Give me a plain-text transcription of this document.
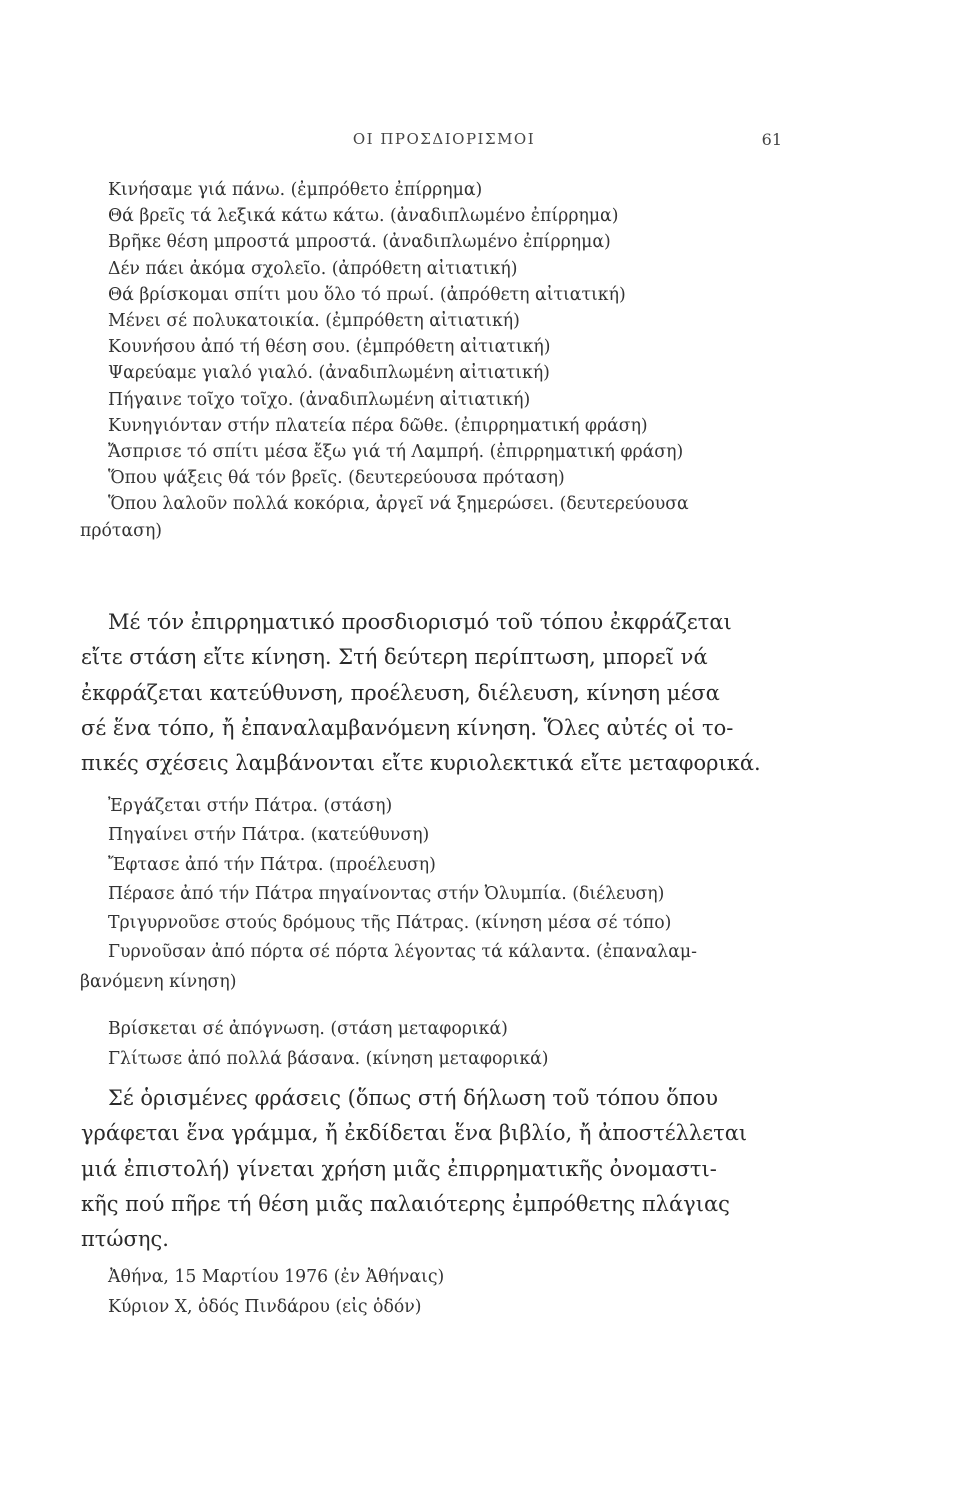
ΟΙ ΠΡΟΣΔΙΟΡΙΣΜΟΙ	61
Κινήσαμε γιά πάνω. (ἐμπρόθετο ἐπίρρημα)
Θά βρεῖς τά λεξικά κάτω κάτω. (ἀναδιπλωμένο ἐπίρρημα)
Βρῆκε θέση μπροστά μπροστά. (ἀναδιπλωμένο ἐπίρρημα)
Δέν πάει ἀκόμα σχολεῖο. (ἀπρόθετη αἰτιατική)
Θά βρίσκομαι σπίτι μου ὅλο τό πρωί. (ἀπρόθετη αἰτιατική)
Μένει σέ πολυκατοικία. (ἐμπρόθετη αἰτιατική)
Κουνήσου ἀπό τή θέση σου. (ἐμπρόθετη αἰτιατική)
Ψαρεύαμε γιαλό γιαλό. (ἀναδιπλωμένη αἰτιατική)
Πήγαινε τοῖχο τοῖχο. (ἀναδιπλωμένη αἰτιατική)
Κυνηγιόνταν στήν πλατεία πέρα δῶθε. (ἐπιρρηματική φράση)
Ἄσπρισε τό σπίτι μέσα ἔξω γιά τή Λαμπρή. (ἐπιρρηματική φράση)
Ὅπου ψάξεις θά τόν βρεῖς. (δευτερεύουσα πρόταση)
Ὅπου λαλοῦν πολλά κοκόρια, ἀργεῖ νά ξημερώσει. (δευτερεύουσα
πρόταση)

Μέ τόν ἐπιρρηματικό προσδιορισμό τοῦ τόπου ἐκφράζεται
εἴτε στάση εἴτε κίνηση. Στή δεύτερη περίπτωση, μπορεῖ νά
ἐκφράζεται κατεύθυνση, προέλευση, διέλευση, κίνηση μέσα
σέ ἕνα τόπο, ἤ ἐπαναλαμβανόμενη κίνηση. Ὅλες αὐτές οἱ το-
πικές σχέσεις λαμβάνονται εἴτε κυριολεκτικά εἴτε μεταφορικά.

Ἐργάζεται στήν Πάτρα. (στάση)
Πηγαίνει στήν Πάτρα. (κατεύθυνση)
Ἔφτασε ἀπό τήν Πάτρα. (προέλευση)
Πέρασε ἀπό τήν Πάτρα πηγαίνοντας στήν Ὀλυμπία. (διέλευση)
Τριγυρνοῦσε στούς δρόμους τῆς Πάτρας. (κίνηση μέσα σέ τόπο)
Γυρνοῦσαν ἀπό πόρτα σέ πόρτα λέγοντας τά κάλαντα. (ἐπαναλαμ-
βανόμενη κίνηση)
Βρίσκεται σέ ἀπόγνωση. (στάση μεταφορικά)
Γλίτωσε ἀπό πολλά βάσανα. (κίνηση μεταφορικά)

Σέ ὁρισμένες φράσεις (ὅπως στή δήλωση τοῦ τόπου ὅπου
γράφεται ἕνα γράμμα, ἤ ἐκδίδεται ἕνα βιβλίο, ἤ ἀποστέλλεται
μιά ἐπιστολή) γίνεται χρήση μιᾶς ἐπιρρηματικῆς ὀνομαστι-
κῆς πού πῆρε τή θέση μιᾶς παλαιότερης ἐμπρόθετης πλάγιας
πτώσης.

Ἀθήνα, 15 Μαρτίου 1976 (ἐν Ἀθήναις)
Κύριον Χ, ὁδός Πινδάρου (εἰς ὁδόν)
